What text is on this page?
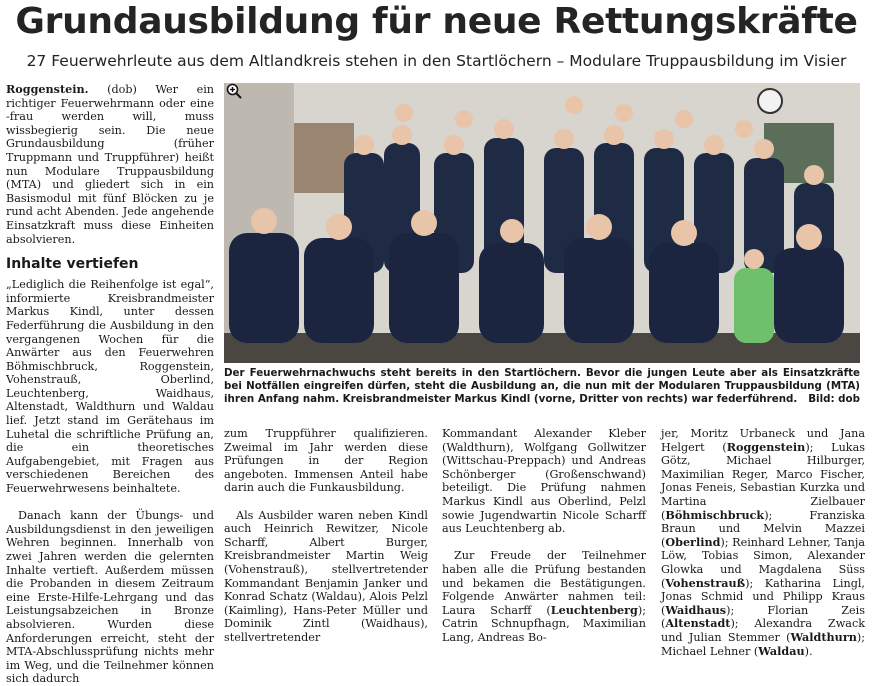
Grundausbildung für neue Rettungskräfte
27 Feuerwehrleute aus dem Altlandkreis stehen in den Startlöchern – Modulare Truppausbildung im Visier

Roggenstein. (dob) Wer ein richtiger Feuerwehrmann oder eine -frau werden will, muss wissbegierig sein. Die neue Grundausbildung (früher Truppmann und Truppführer) heißt nun Modulare Truppausbildung (MTA) und gliedert sich in ein Basismodul mit fünf Blöcken zu je rund acht Abenden. Jede angehende Einsatzkraft muss diese Einheiten absolvieren.

Inhalte vertiefen

„Lediglich die Reihenfolge ist egal“, informierte Kreisbrandmeister Markus Kindl, unter dessen Federführung die Ausbildung in den vergangenen Wochen für die Anwärter aus den Feuerwehren Böhmischbruck, Roggenstein, Vohenstrauß, Oberlind, Leuchtenberg, Waidhaus, Altenstadt, Waldthurn und Waldau lief. Jetzt stand im Gerätehaus im Luhetal die schriftliche Prüfung an, die ein theoretisches Aufgabengebiet, mit Fragen aus verschiedenen Bereichen des Feuerwehrwesens beinhaltete.

Danach kann der Übungs- und Ausbildungsdienst in den jeweiligen Wehren beginnen. Innerhalb von zwei Jahren werden die gelernten Inhalte vertieft. Außerdem müssen die Probanden in diesem Zeitraum eine Erste-Hilfe-Lehrgang und das Leistungsabzeichen in Bronze absolvieren. Wurden diese Anforderungen erreicht, steht der MTA-Abschlussprüfung nichts mehr im Weg, und die Teilnehmer können sich dadurch

Der Feuerwehrnachwuchs steht bereits in den Startlöchern. Bevor die jungen Leute aber als Einsatzkräfte bei Notfällen eingreifen dürfen, steht die Ausbildung an, die nun mit der Modularen Truppausbildung (MTA) ihren Anfang nahm. Kreisbrandmeister Markus Kindl (vorne, Dritter von rechts) war federführend. Bild: dob

zum Truppführer qualifizieren. Zweimal im Jahr werden diese Prüfungen in der Region angeboten. Immensen Anteil habe darin auch die Funkausbildung.

Als Ausbilder waren neben Kindl auch Heinrich Rewitzer, Nicole Scharff, Albert Burger, Kreisbrandmeister Martin Weig (Vohenstrauß), stellvertretender Kommandant Benjamin Janker und Konrad Schatz (Waldau), Alois Pelzl (Kaimling), Hans-Peter Müller und Dominik Zintl (Waidhaus), stellvertretender

Kommandant Alexander Kleber (Waldthurn), Wolfgang Gollwitzer (Wittschau-Preppach) und Andreas Schönberger (Großenschwand) beteiligt. Die Prüfung nahmen Markus Kindl aus Oberlind, Pelzl sowie Jugendwartin Nicole Scharff aus Leuchtenberg ab.

Zur Freude der Teilnehmer haben alle die Prüfung bestanden und bekamen die Bestätigungen. Folgende Anwärter nahmen teil: Laura Scharff (Leuchtenberg); Catrin Schnupfhagn, Maximilian Lang, Andreas Bo-

jer, Moritz Urbaneck und Jana Helgert (Roggenstein); Lukas Götz, Michael Hilburger, Maximilian Reger, Marco Fischer, Jonas Feneis, Sebastian Kurzka und Martina Zielbauer (Böhmischbruck); Franziska Braun und Melvin Mazzei (Oberlind); Reinhard Lehner, Tanja Löw, Tobias Simon, Alexander Glowka und Magdalena Süss (Vohenstrauß); Katharina Lingl, Jonas Schmid und Philipp Kraus (Waidhaus); Florian Zeis (Altenstadt); Alexandra Zwack und Julian Stemmer (Waldthurn); Michael Lehner (Waldau).
